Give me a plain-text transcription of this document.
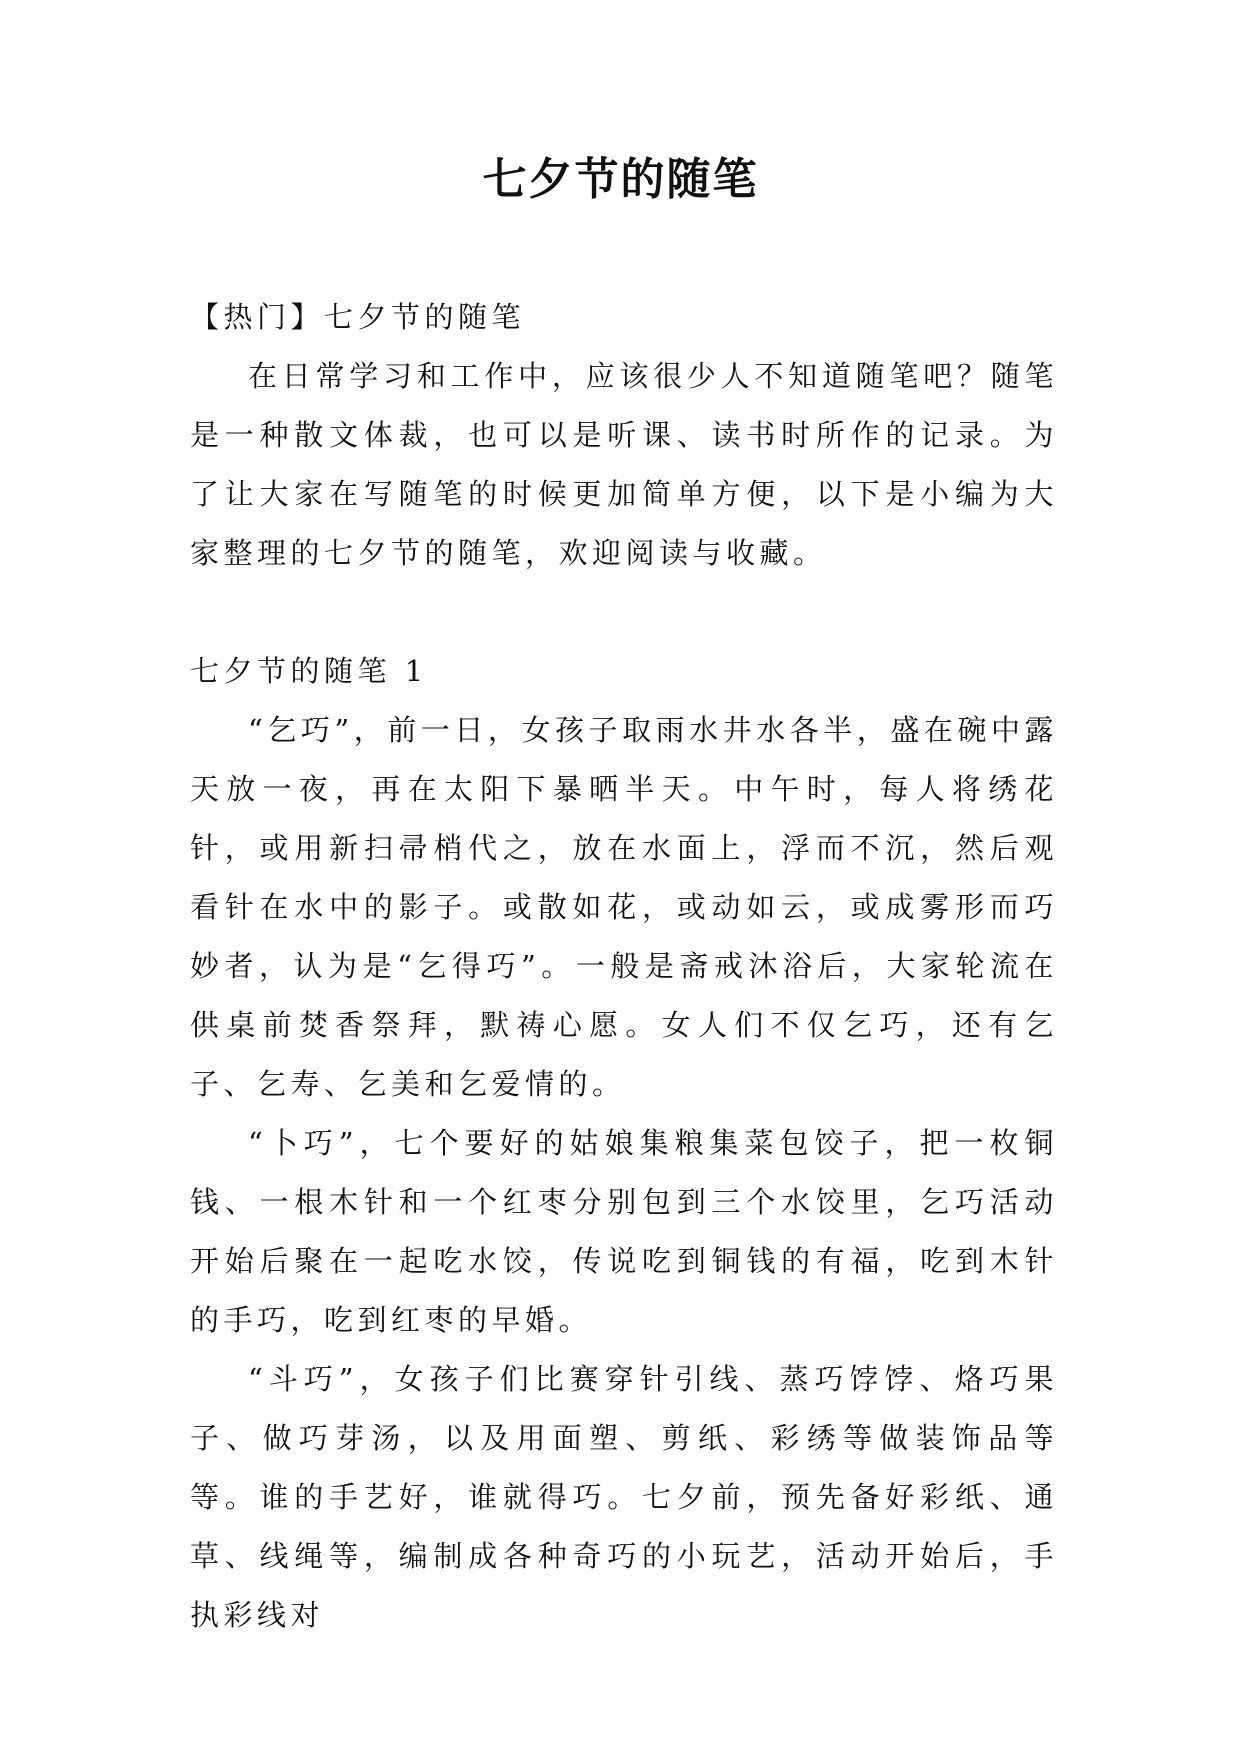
七夕节的随笔

【热门】七夕节的随笔

在日常学习和工作中，应该很少人不知道随笔吧？随笔是一种散文体裁，也可以是听课、读书时所作的记录。为了让大家在写随笔的时候更加简单方便，以下是小编为大家整理的七夕节的随笔，欢迎阅读与收藏。

七夕节的随笔 1

“乞巧”，前一日，女孩子取雨水井水各半，盛在碗中露天放一夜，再在太阳下暴晒半天。中午时，每人将绣花针，或用新扫帚梢代之，放在水面上，浮而不沉，然后观看针在水中的影子。或散如花，或动如云，或成雾形而巧妙者，认为是“乞得巧”。一般是斋戒沐浴后，大家轮流在供桌前焚香祭拜，默祷心愿。女人们不仅乞巧，还有乞子、乞寿、乞美和乞爱情的。

“卜巧”，七个要好的姑娘集粮集菜包饺子，把一枚铜钱、一根木针和一个红枣分别包到三个水饺里，乞巧活动开始后聚在一起吃水饺，传说吃到铜钱的有福，吃到木针的手巧，吃到红枣的早婚。

“斗巧”，女孩子们比赛穿针引线、蒸巧饽饽、烙巧果子、做巧芽汤，以及用面塑、剪纸、彩绣等做装饰品等等。谁的手艺好，谁就得巧。七夕前，预先备好彩纸、通草、线绳等，编制成各种奇巧的小玩艺，活动开始后，手执彩线对
